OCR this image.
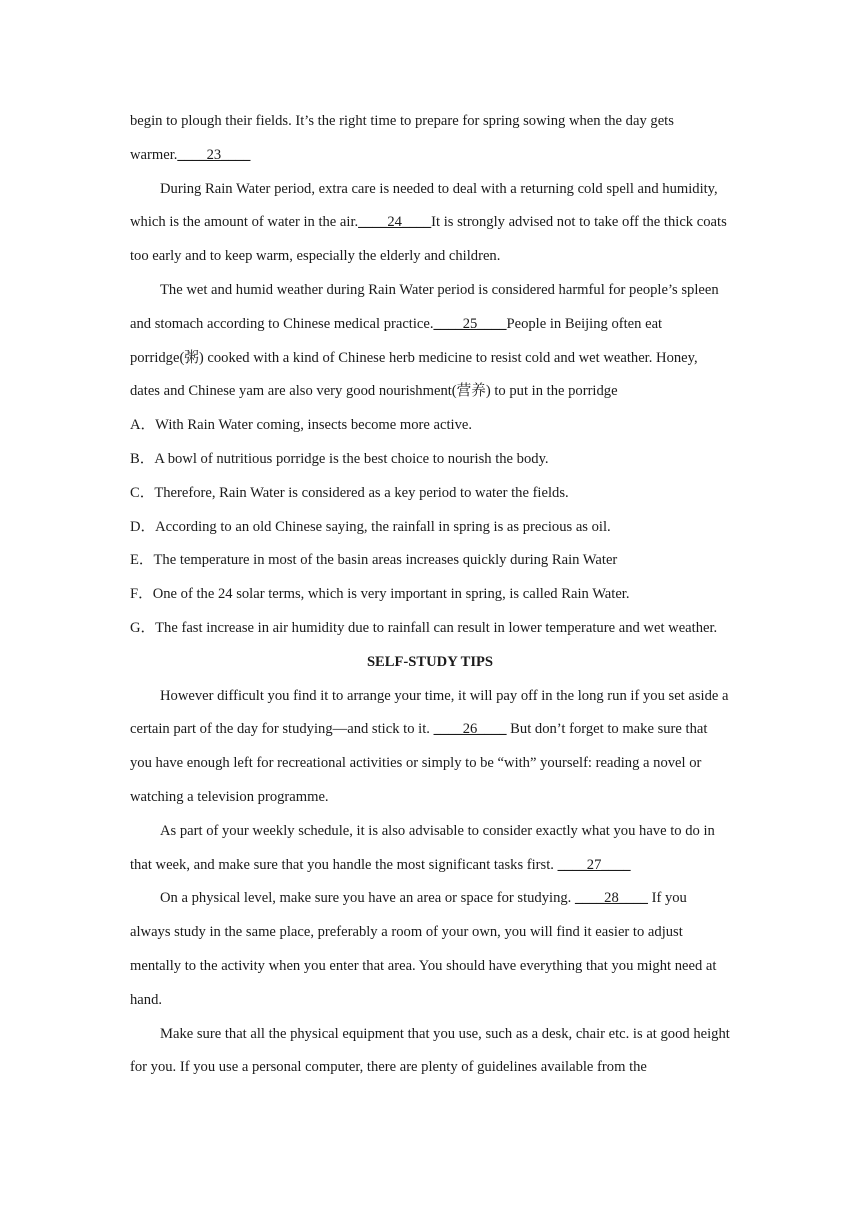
begin to plough their fields. It’s the right time to prepare for spring sowing when the day gets warmer.____23____

During Rain Water period, extra care is needed to deal with a returning cold spell and humidity, which is the amount of water in the air.____24____It is strongly advised not to take off the thick coats too early and to keep warm, especially the elderly and children.

The wet and humid weather during Rain Water period is considered harmful for people’s spleen and stomach according to Chinese medical practice.____25____People in Beijing often eat porridge(粥) cooked with a kind of Chinese herb medicine to resist cold and wet weather. Honey, dates and Chinese yam are also very good nourishment(营养) to put in the porridge

A．With Rain Water coming, insects become more active.

B．A bowl of nutritious porridge is the best choice to nourish the body.

C．Therefore, Rain Water is considered as a key period to water the fields.

D．According to an old Chinese saying, the rainfall in spring is as precious as oil.

E．The temperature in most of the basin areas increases quickly during Rain Water

F．One of the 24 solar terms, which is very important in spring, is called Rain Water.

G．The fast increase in air humidity due to rainfall can result in lower temperature and wet weather.

SELF-STUDY TIPS

However difficult you find it to arrange your time, it will pay off in the long run if you set aside a certain part of the day for studying—and stick to it. ____26____ But don’t forget to make sure that you have enough left for recreational activities or simply to be “with” yourself: reading a novel or watching a television programme.

As part of your weekly schedule, it is also advisable to consider exactly what you have to do in that week, and make sure that you handle the most significant tasks first. ____27____

On a physical level, make sure you have an area or space for studying. ____28____ If you always study in the same place, preferably a room of your own, you will find it easier to adjust mentally to the activity when you enter that area. You should have everything that you might need at hand.

Make sure that all the physical equipment that you use, such as a desk, chair etc. is at good height for you. If you use a personal computer, there are plenty of guidelines available from the
